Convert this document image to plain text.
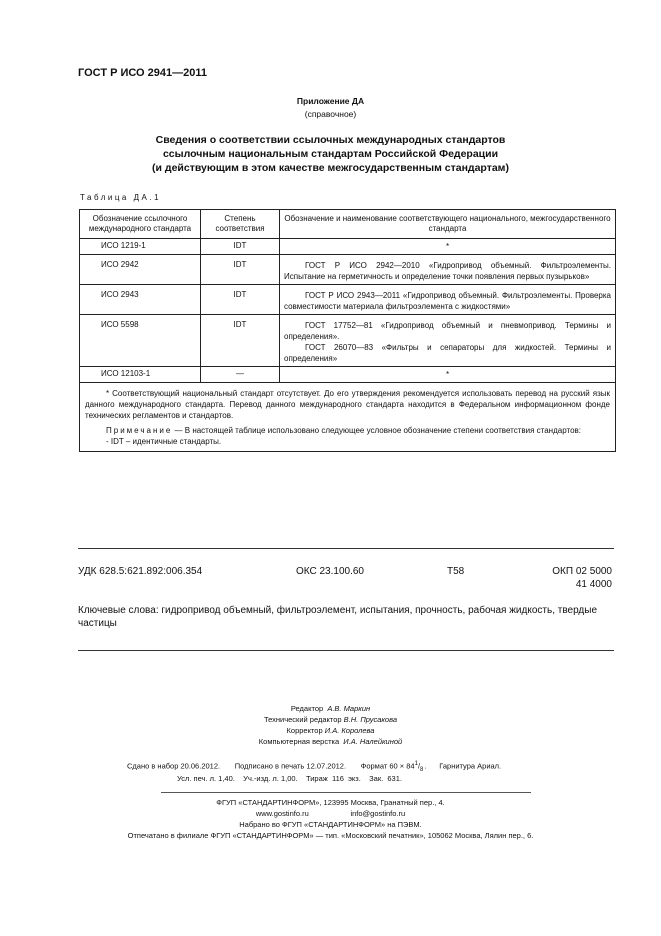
ГОСТ Р ИСО 2941—2011
Приложение ДА
(справочное)
Сведения о соответствии ссылочных международных стандартов
ссылочным национальным стандартам Российской Федерации
(и действующим в этом качестве межгосударственным стандартам)
Таблица ДА.1
Обозначение ссылочного международного стандарта	Степень соответствия	Обозначение и наименование соответствующего национального, межгосударственного стандарта
ИСО 1219-1	IDT	*
ИСО 2942	IDT	ГОСТ Р ИСО 2942—2010 «Гидропривод объемный. Фильтроэлементы. Испытание на герметичность и определение точки появления первых пузырьков»

ИСО 2943	IDT	ГОСТ Р ИСО 2943—2011 «Гидропривод объемный. Фильтроэлементы. Проверка совместимости материала фильтроэлемента с жидкостями»

ИСО 5598	IDT	ГОСТ 17752—81 «Гидропривод объемный и пневмопривод. Термины и определения».
ГОСТ 26070—83 «Фильтры и сепараторы для жидкостей. Термины и определения»

ИСО 12103-1	—	*

* Соответствующий национальный стандарт отсутствует. До его утверждения рекомендуется использовать перевод на русский язык данного международного стандарта. Перевод данного международного стандарта находится в Федеральном информационном фонде технических регламентов и стандартов.

Примечание — В настоящей таблице использовано следующее условное обозначение степени соответствия стандартов:

- IDT – идентичные стандарты.		

УДК 628.5:621.892:006.354	ОКС 23.100.60	Т58	ОКП 02 5000
41 4000
Ключевые слова: гидропривод объемный, фильтроэлемент, испытания, прочность, рабочая жидкость, твердые частицы
Редактор А.В. Маркин
Технический редактор В.Н. Прусакова
Корректор И.А. Королева
Компьютерная верстка И.А. Налейкиной
Сдано в набор 20.06.2012. Подписано в печать 12.07.2012. Формат $60 \times 84^1/_8$. Гарнитура Ариал.
Усл. печ. л. 1,40.    Уч.-изд. л. 1,00.    Тираж  116  экз.    Зак.  631.
ФГУП «СТАНДАРТИНФОРМ», 123995 Москва, Гранатный пер., 4.
www.gostinfo.ru                    info@gostinfo.ru
Набрано во ФГУП «СТАНДАРТИНФОРМ» на ПЭВМ.
Отпечатано в филиале ФГУП «СТАНДАРТИНФОРМ» — тип. «Московский печатник», 105062 Москва, Лялин пер., 6.
